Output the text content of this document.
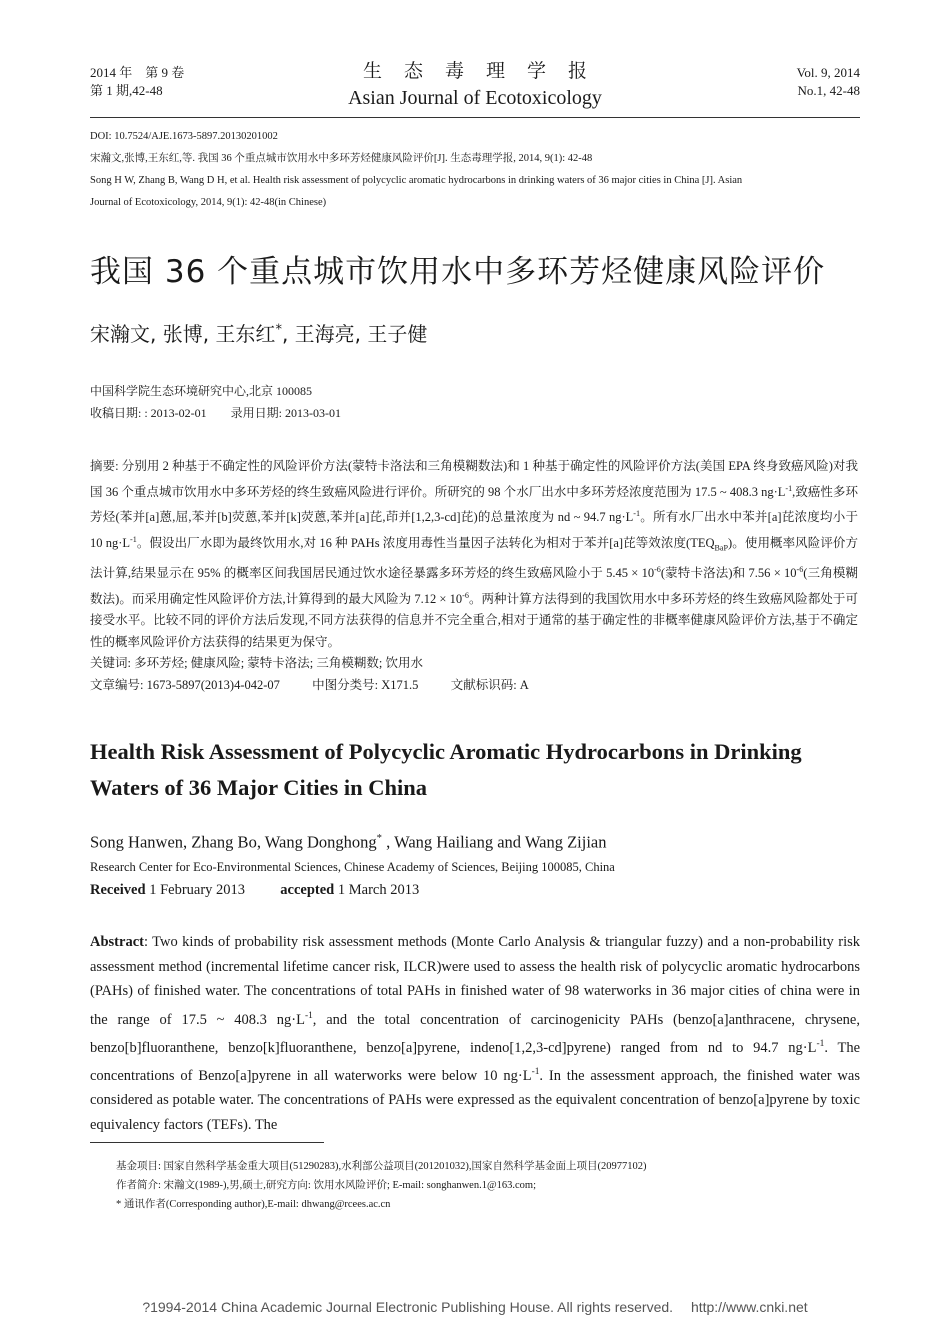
2014 年　第 9 卷
第 1 期,42-48
生态毒理学报
Asian Journal of Ecotoxicology
Vol. 9, 2014
No.1, 42-48
DOI: 10.7524/AJE.1673-5897.20130201002
宋瀚文,张博,王东红,等. 我国 36 个重点城市饮用水中多环芳烃健康风险评价[J]. 生态毒理学报, 2014, 9(1): 42-48
Song H W, Zhang B, Wang D H, et al. Health risk assessment of polycyclic aromatic hydrocarbons in drinking waters of 36 major cities in China [J]. Asian
Journal of Ecotoxicology, 2014, 9(1): 42-48(in Chinese)
我国 36 个重点城市饮用水中多环芳烃健康风险评价
宋瀚文, 张博, 王东红*, 王海亮, 王子健
中国科学院生态环境研究中心,北京 100085
收稿日期: : 2013-02-01　　录用日期: 2013-03-01
摘要: 分别用 2 种基于不确定性的风险评价方法(蒙特卡洛法和三角模糊数法)和 1 种基于确定性的风险评价方法(美国 EPA 终身致癌风险)对我国 36 个重点城市饮用水中多环芳烃的终生致癌风险进行评价。所研究的 98 个水厂出水中多环芳烃浓度范围为 17.5 ~ 408.3 $ng\cdot L^{-1}$,致癌性多环芳烃(苯并[a]蒽,屈,苯并[b]荧蒽,苯并[k]荧蒽,苯并[a]芘,茚并[1,2,3-cd]芘)的总量浓度为 nd ~ 94.7 $ng\cdot L^{-1}$。所有水厂出水中苯并[a]芘浓度均小于 10 $ng\cdot L^{-1}$。假设出厂水即为最终饮用水,对 16 种 PAHs 浓度用毒性当量因子法转化为相对于苯并[a]芘等效浓度$(TEQ_{BaP})$。使用概率风险评价方法计算,结果显示在 95% 的概率区间我国居民通过饮水途径暴露多环芳烃的终生致癌风险小于 $5.45 \times 10^{-6}$(蒙特卡洛法)和 $7.56 \times 10^{-6}$(三角模糊数法)。而采用确定性风险评价方法,计算得到的最大风险为 $7.12 \times 10^{-6}$。两种计算方法得到的我国饮用水中多环芳烃的终生致癌风险都处于可接受水平。比较不同的评价方法后发现,不同方法获得的信息并不完全重合,相对于通常的基于确定性的非概率健康风险评价方法,基于不确定性的概率风险评价方法获得的结果更为保守。
关键词: 多环芳烃; 健康风险; 蒙特卡洛法; 三角模糊数; 饮用水
文章编号: 1673-5897(2013)4-042-07	中图分类号: X171.5	文献标识码: A
Health Risk Assessment of Polycyclic Aromatic Hydrocarbons in Drinking Waters of 36 Major Cities in China
Song Hanwen, Zhang Bo, Wang Donghong* , Wang Hailiang and Wang Zijian
Research Center for Eco-Environmental Sciences, Chinese Academy of Sciences, Beijing 100085, China
Received 1 February 2013 accepted 1 March 2013
Abstract: Two kinds of probability risk assessment methods (Monte Carlo Analysis & triangular fuzzy) and a non-probability risk assessment method (incremental lifetime cancer risk, ILCR)were used to assess the health risk of polycyclic aromatic hydrocarbons (PAHs) of finished water. The concentrations of total PAHs in finished water of 98 waterworks in 36 major cities of china were in the range of 17.5 ~ 408.3 $ng\cdot L^{-1}$, and the total concentration of carcinogenicity PAHs (benzo[a]anthracene, chrysene, benzo[b]fluoranthene, benzo[k]fluoranthene, benzo[a]pyrene, indeno[1,2,3-cd]pyrene) ranged from nd to 94.7 $ng\cdot L^{-1}$. The concentrations of Benzo[a]pyrene in all waterworks were below 10 $ng\cdot L^{-1}$. In the assessment approach, the finished water was considered as potable water. The concentrations of PAHs were expressed as the equivalent concentration of benzo[a]pyrene by toxic equivalency factors (TEFs). The
基金项目: 国家自然科学基金重大项目(51290283),水利部公益项目(201201032),国家自然科学基金面上项目(20977102)
作者简介: 宋瀚文(1989-),男,硕士,研究方向: 饮用水风险评价; E-mail: songhanwen.1@163.com;
* 通讯作者(Corresponding author),E-mail: dhwang@rcees.ac.cn
?1994-2014 China Academic Journal Electronic Publishing House. All rights reserved.　 http://www.cnki.net
